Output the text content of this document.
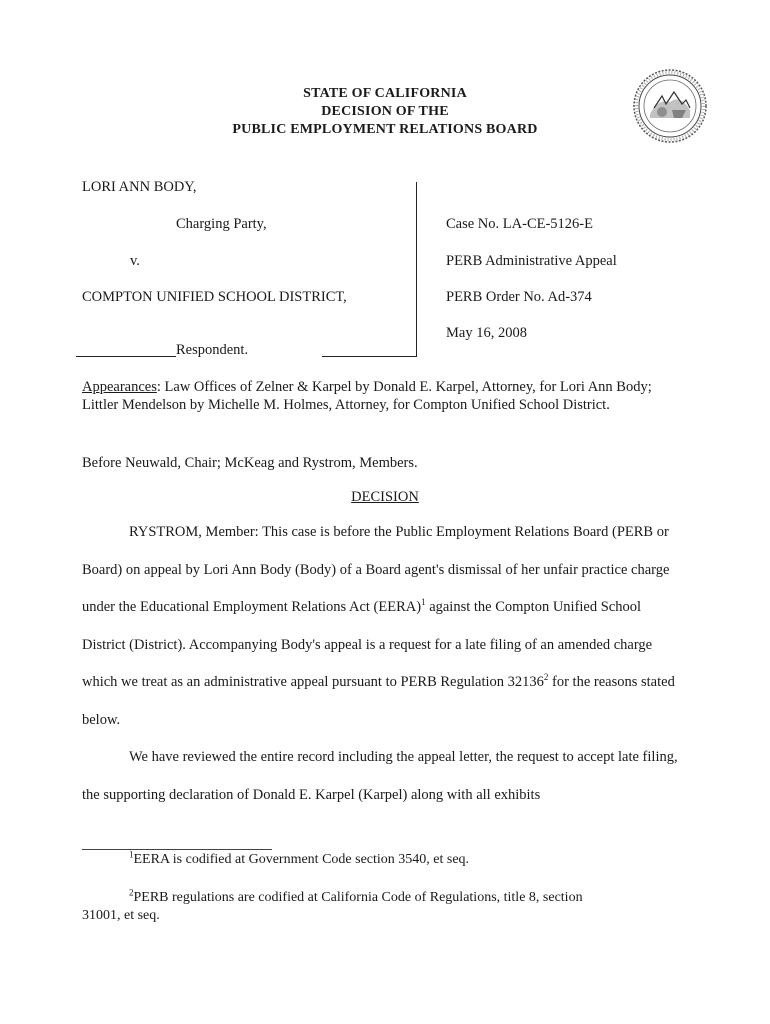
STATE OF CALIFORNIA
DECISION OF THE
PUBLIC EMPLOYMENT RELATIONS BOARD
LORI ANN BODY,
Charging Party,
v.
COMPTON UNIFIED SCHOOL DISTRICT,
Respondent.
Case No. LA-CE-5126-E
PERB Administrative Appeal
PERB Order No. Ad-374
May 16, 2008
Appearances: Law Offices of Zelner & Karpel by Donald E. Karpel, Attorney, for Lori Ann Body; Littler Mendelson by Michelle M. Holmes, Attorney, for Compton Unified School District.
Before Neuwald, Chair; McKeag and Rystrom, Members.
DECISION
RYSTROM, Member: This case is before the Public Employment Relations Board (PERB or Board) on appeal by Lori Ann Body (Body) of a Board agent's dismissal of her unfair practice charge under the Educational Employment Relations Act (EERA)$^1$ against the Compton Unified School District (District). Accompanying Body's appeal is a request for a late filing of an amended charge which we treat as an administrative appeal pursuant to PERB Regulation 32136$^2$ for the reasons stated below.
We have reviewed the entire record including the appeal letter, the request to accept late filing, the supporting declaration of Donald E. Karpel (Karpel) along with all exhibits
$^1$EERA is codified at Government Code section 3540, et seq.
$^2$PERB regulations are codified at California Code of Regulations, title 8, section 31001, et seq.
